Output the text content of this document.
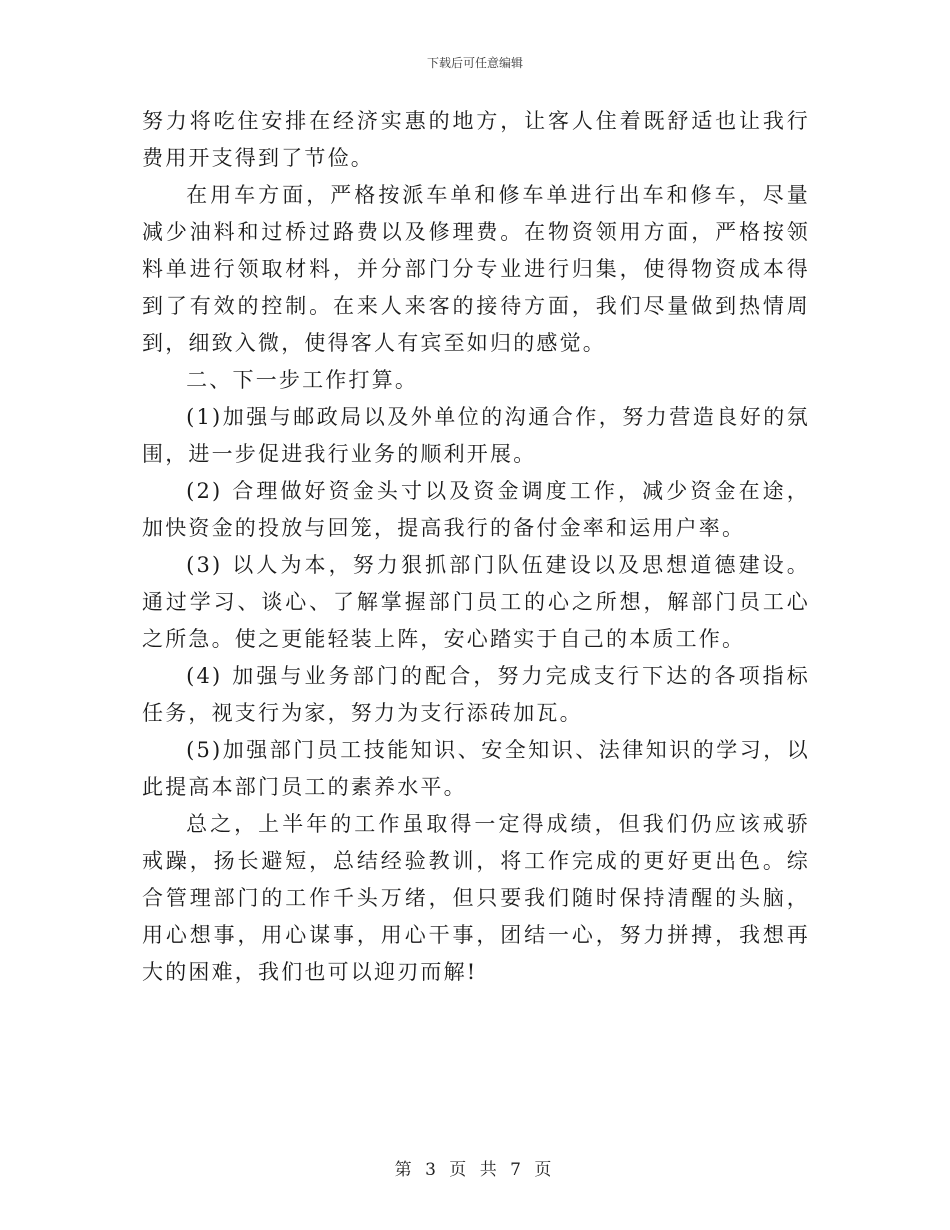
下载后可任意编辑

努力将吃住安排在经济实惠的地方，让客人住着既舒适也让我行费用开支得到了节俭。

在用车方面，严格按派车单和修车单进行出车和修车，尽量减少油料和过桥过路费以及修理费。在物资领用方面，严格按领料单进行领取材料，并分部门分专业进行归集，使得物资成本得到了有效的控制。在来人来客的接待方面，我们尽量做到热情周到，细致入微，使得客人有宾至如归的感觉。

二、下一步工作打算。

(1)加强与邮政局以及外单位的沟通合作，努力营造良好的氛围，进一步促进我行业务的顺利开展。

(2) 合理做好资金头寸以及资金调度工作，减少资金在途，加快资金的投放与回笼，提高我行的备付金率和运用户率。

(3) 以人为本，努力狠抓部门队伍建设以及思想道德建设。通过学习、谈心、了解掌握部门员工的心之所想，解部门员工心之所急。使之更能轻装上阵，安心踏实于自己的本质工作。

(4) 加强与业务部门的配合，努力完成支行下达的各项指标任务，视支行为家，努力为支行添砖加瓦。

(5)加强部门员工技能知识、安全知识、法律知识的学习，以此提高本部门员工的素养水平。

总之，上半年的工作虽取得一定得成绩，但我们仍应该戒骄戒躁，扬长避短，总结经验教训，将工作完成的更好更出色。综合管理部门的工作千头万绪，但只要我们随时保持清醒的头脑，用心想事，用心谋事，用心干事，团结一心，努力拼搏，我想再大的困难，我们也可以迎刃而解!

第 3 页 共 7 页
